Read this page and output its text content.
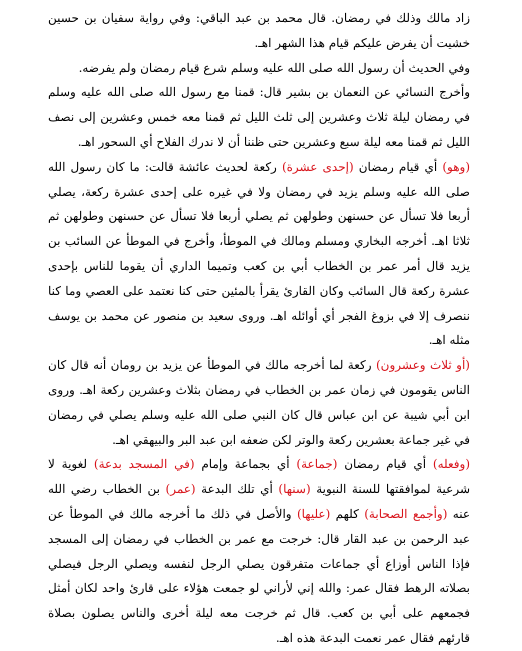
زاد مالك وذلك في رمضان. قال محمد بن عبد الباقي: وفي رواية سفيان بن حسين خشيت أن يفرض عليكم قيام هذا الشهر اهـ.

وفي الحديث أن رسول الله صلى الله عليه وسلم شرع قيام رمضان ولم يفرضه.

وأخرج النسائي عن النعمان بن بشير قال: قمنا مع رسول الله صلى الله عليه وسلم في رمضان ليلة ثلاث وعشرين إلى ثلث الليل ثم قمنا معه خمس وعشرين إلى نصف الليل ثم قمنا معه ليلة سبع وعشرين حتى ظننا أن لا ندرك الفلاح أي السحور اهـ.

(وهو) أي قيام رمضان (إحدى عشرة) ركعة لحديث عائشة قالت: ما كان رسول الله صلى الله عليه وسلم يزيد في رمضان ولا في غيره على إحدى عشرة ركعة، يصلي أربعا فلا تسأل عن حسنهن وطولهن ثم يصلي أربعا فلا تسأل عن حسنهن وطولهن ثم ثلاثا اهـ. أخرجه البخاري ومسلم ومالك في الموطأ، وأخرج في الموطأ عن السائب بن يزيد قال أمر عمر بن الخطاب أبي بن كعب وتميما الداري أن يقوما للناس بإحدى عشرة ركعة قال السائب وكان القارئ يقرأ بالمئين حتى كنا نعتمد على العصي وما كنا ننصرف إلا في بزوغ الفجر أي أوائله اهـ. وروى سعيد بن منصور عن محمد بن يوسف مثله اهـ.

(أو ثلاث وعشرون) ركعة لما أخرجه مالك في الموطأ عن يزيد بن رومان أنه قال كان الناس يقومون في زمان عمر بن الخطاب في رمضان بثلاث وعشرين ركعة اهـ. وروى ابن أبي شيبة عن ابن عباس قال كان النبي صلى الله عليه وسلم يصلي في رمضان في غير جماعة بعشرين ركعة والوتر لكن ضعفه ابن عبد البر والبيهقي اهـ.

(وفعله) أي قيام رمضان (جماعة) أي بجماعة وإمام (في المسجد بدعة) لغوية لا شرعية لموافقتها للسنة النبوية (سنها) أي تلك البدعة (عمر) بن الخطاب رضي الله عنه (وأجمع الصحابة) كلهم (عليها) والأصل في ذلك ما أخرجه مالك في الموطأ عن عبد الرحمن بن عبد القار قال: خرجت مع عمر بن الخطاب في رمضان إلى المسجد فإذا الناس أوزاع أي جماعات متفرقون يصلي الرجل لنفسه ويصلي الرجل فيصلي بصلاته الرهط فقال عمر: والله إني لأراني لو جمعت هؤلاء على قارئ واحد لكان أمثل فجمعهم على أبي بن كعب. قال ثم خرجت معه ليلة أخرى والناس يصلون بصلاة قارئهم فقال عمر نعمت البدعة هذه اهـ.
